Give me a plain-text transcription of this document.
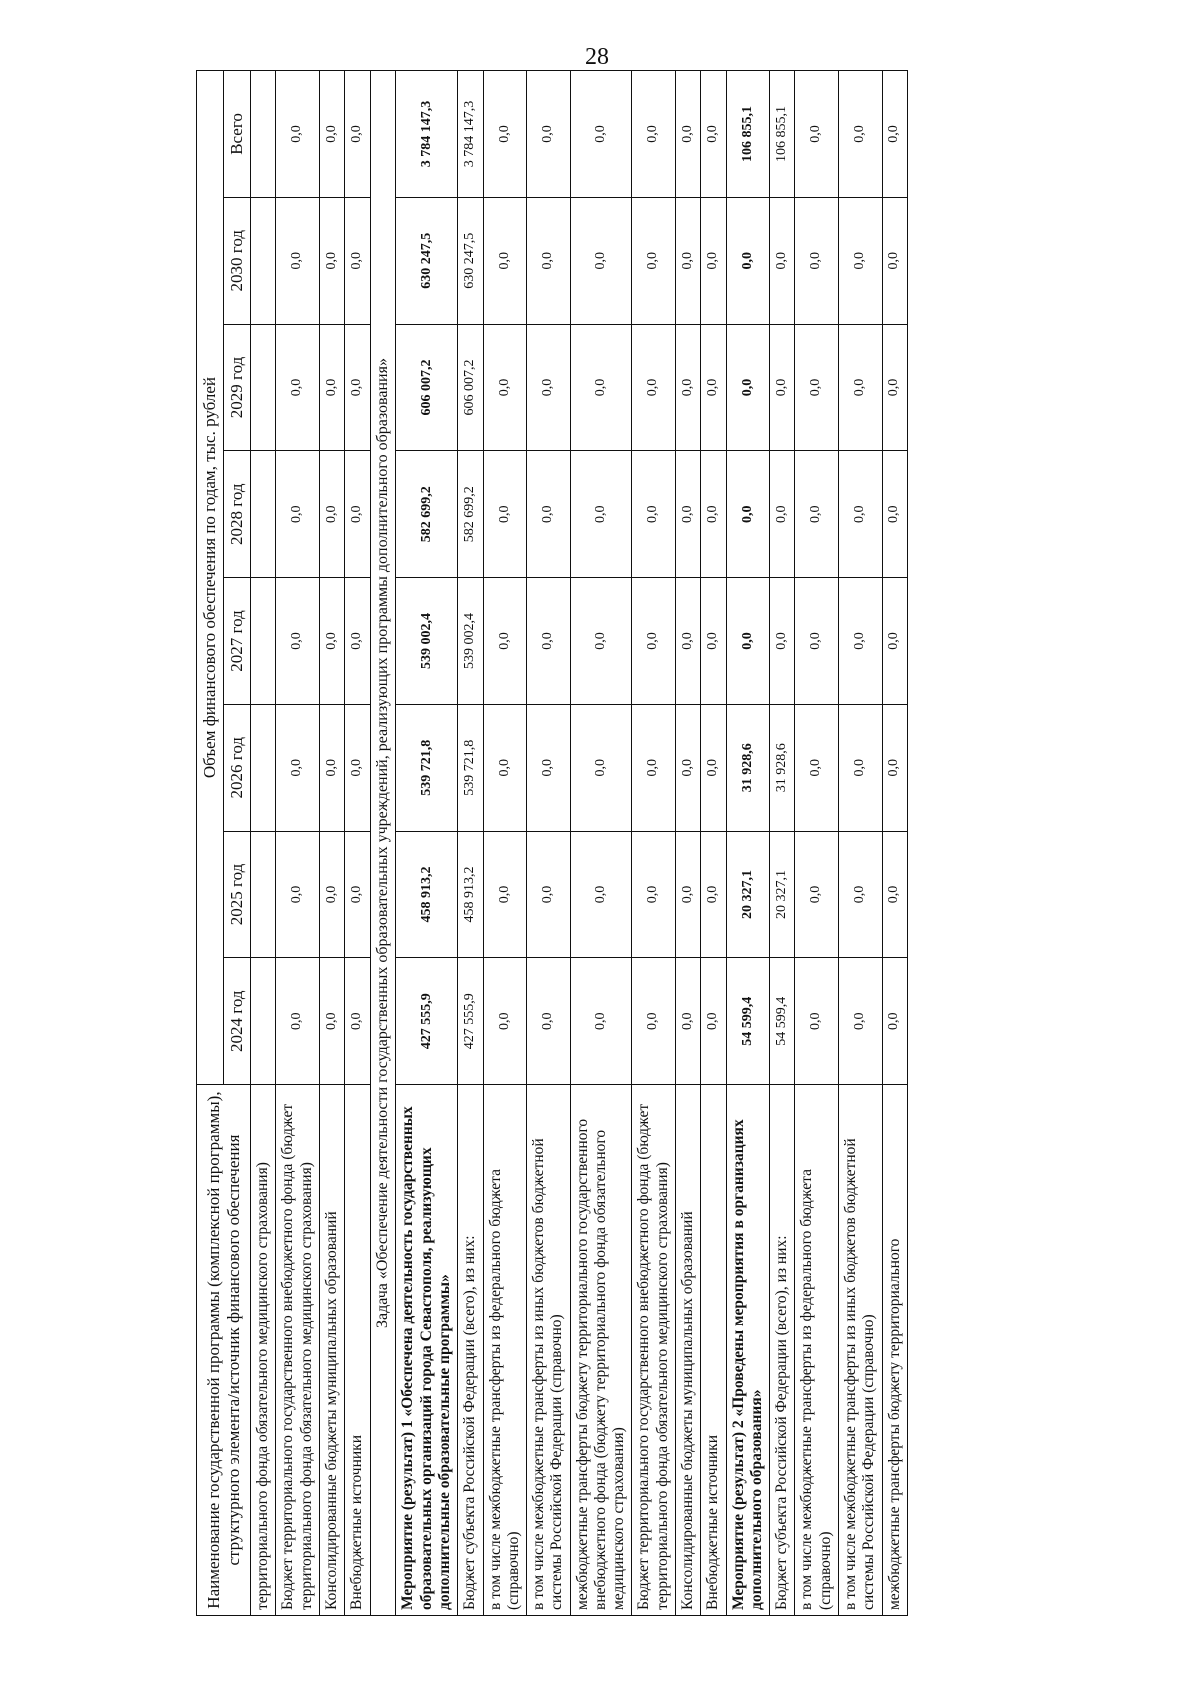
28
Наименование государственной программы (комплексной программы), структурного элемента/источник финансового обеспечения	Объем финансового обеспечения по годам, тыс. рублей							
	2024 год	2025 год	2026 год	2027 год	2028 год	2029 год	2030 год	Всего
территориального фонда обязательного медицинского страхования)								
Бюджет территориального государственного внебюджетного фонда (бюджет территориального фонда обязательного медицинского страхования)	0,0	0,0	0,0	0,0	0,0	0,0	0,0	0,0
Консолидированные бюджеты муниципальных образований	0,0	0,0	0,0	0,0	0,0	0,0	0,0	0,0
Внебюджетные источники	0,0	0,0	0,0	0,0	0,0	0,0	0,0	0,0
Задача «Обеспечение деятельности государственных образовательных учреждений, реализующих программы дополнительного образования»								
Мероприятие (результат) 1 «Обеспечена деятельность государственных образовательных организаций города Севастополя, реализующих дополнительные образовательные программы»	427 555,9	458 913,2	539 721,8	539 002,4	582 699,2	606 007,2	630 247,5	3 784 147,3
Бюджет субъекта Российской Федерации (всего), из них:	427 555,9	458 913,2	539 721,8	539 002,4	582 699,2	606 007,2	630 247,5	3 784 147,3
в том числе межбюджетные трансферты из федерального бюджета (справочно)	0,0	0,0	0,0	0,0	0,0	0,0	0,0	0,0
в том числе межбюджетные трансферты из иных бюджетов бюджетной системы Российской Федерации (справочно)	0,0	0,0	0,0	0,0	0,0	0,0	0,0	0,0
межбюджетные трансферты бюджету территориального государственного внебюджетного фонда (бюджету территориального фонда обязательного медицинского страхования)	0,0	0,0	0,0	0,0	0,0	0,0	0,0	0,0
Бюджет территориального государственного внебюджетного фонда (бюджет территориального фонда обязательного медицинского страхования)	0,0	0,0	0,0	0,0	0,0	0,0	0,0	0,0
Консолидированные бюджеты муниципальных образований	0,0	0,0	0,0	0,0	0,0	0,0	0,0	0,0
Внебюджетные источники	0,0	0,0	0,0	0,0	0,0	0,0	0,0	0,0
Мероприятие (результат) 2 «Проведены мероприятия в организациях дополнительного образования»	54 599,4	20 327,1	31 928,6	0,0	0,0	0,0	0,0	106 855,1
Бюджет субъекта Российской Федерации (всего), из них:	54 599,4	20 327,1	31 928,6	0,0	0,0	0,0	0,0	106 855,1
в том числе межбюджетные трансферты из федерального бюджета (справочно)	0,0	0,0	0,0	0,0	0,0	0,0	0,0	0,0
в том числе межбюджетные трансферты из иных бюджетов бюджетной системы Российской Федерации (справочно)	0,0	0,0	0,0	0,0	0,0	0,0	0,0	0,0
межбюджетные трансферты бюджету территориального	0,0	0,0	0,0	0,0	0,0	0,0	0,0	0,0
